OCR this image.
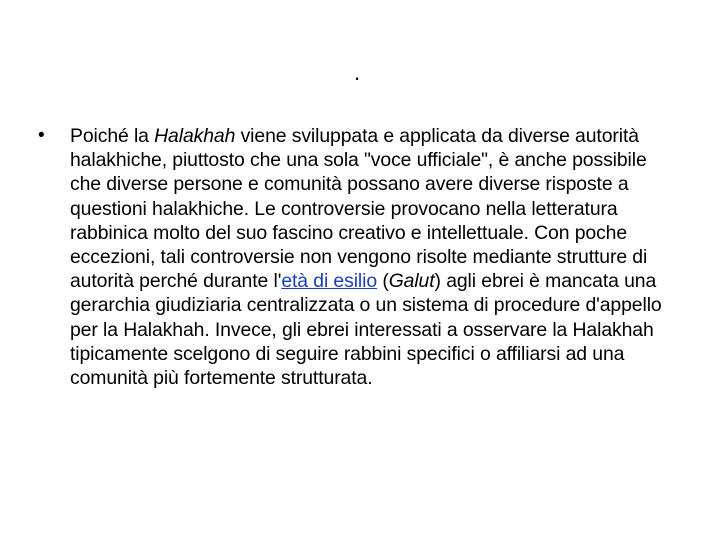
.
•	Poiché la Halakhah viene sviluppata e applicata da diverse autorità halakhiche, piuttosto che una sola "voce ufficiale", è anche possibile che diverse persone e comunità possano avere diverse risposte a questioni halakhiche. Le controversie provocano nella letteratura rabbinica molto del suo fascino creativo e intellettuale. Con poche eccezioni, tali controversie non vengono risolte mediante strutture di autorità perché durante l'età di esilio (Galut) agli ebrei è mancata una gerarchia giudiziaria centralizzata o un sistema di procedure d'appello per la Halakhah. Invece, gli ebrei interessati a osservare la Halakhah tipicamente scelgono di seguire rabbini specifici o affiliarsi ad una comunità più fortemente strutturata.
